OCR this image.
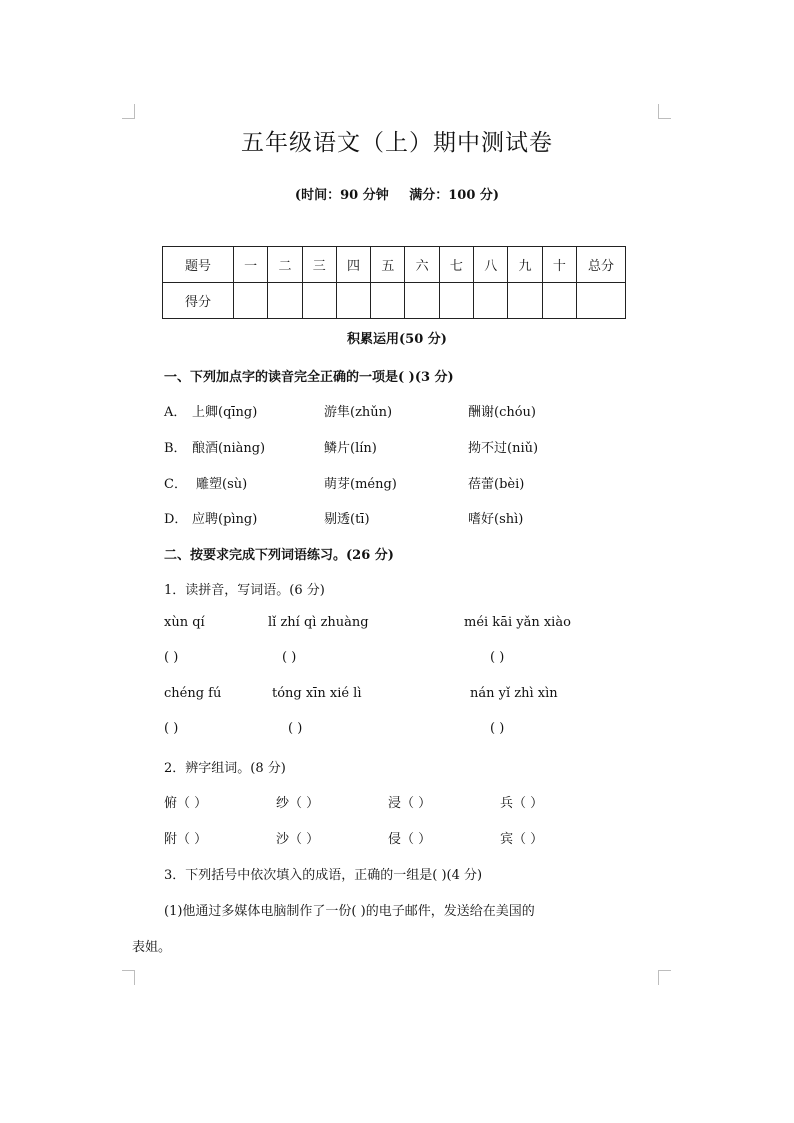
五年级语文（上）期中测试卷
(时间：90 分钟 满分：100 分)
题号	一	二	三	四	五	六	七	八	九	十	总分
得分											
积累运用(50 分)
一、下列加点字的读音完全正确的一项是( )(3 分)
A． 上卿(qīng)	游隼(zhǔn)	酬谢(chóu)
B． 酿酒(niàng)	鳞片(lín)	拗不过(niǔ)
C． 雕塑(sù)	萌芽(méng)	蓓蕾(bèi)
D． 应聘(pìng)	剔透(tī)	嗜好(shì)
二、按要求完成下列词语练习。(26 分)
1．读拼音，写词语。(6 分)
xùn qí	lǐ zhí qì zhuàng	méi kāi yǎn xiào
( )	( )	( )
chéng fú	tóng xīn xié lì	nán yǐ zhì xìn
( )	( )	( )
2．辨字组词。(8 分)
俯（ ）	纱（ ）	浸（ ）	兵（ ）
附（ ）	沙（ ）	侵（ ）	宾（ ）
3．下列括号中依次填入的成语，正确的一组是( )(4 分)
(1)他通过多媒体电脑制作了一份( )的电子邮件，发送给在美国的
表姐。
